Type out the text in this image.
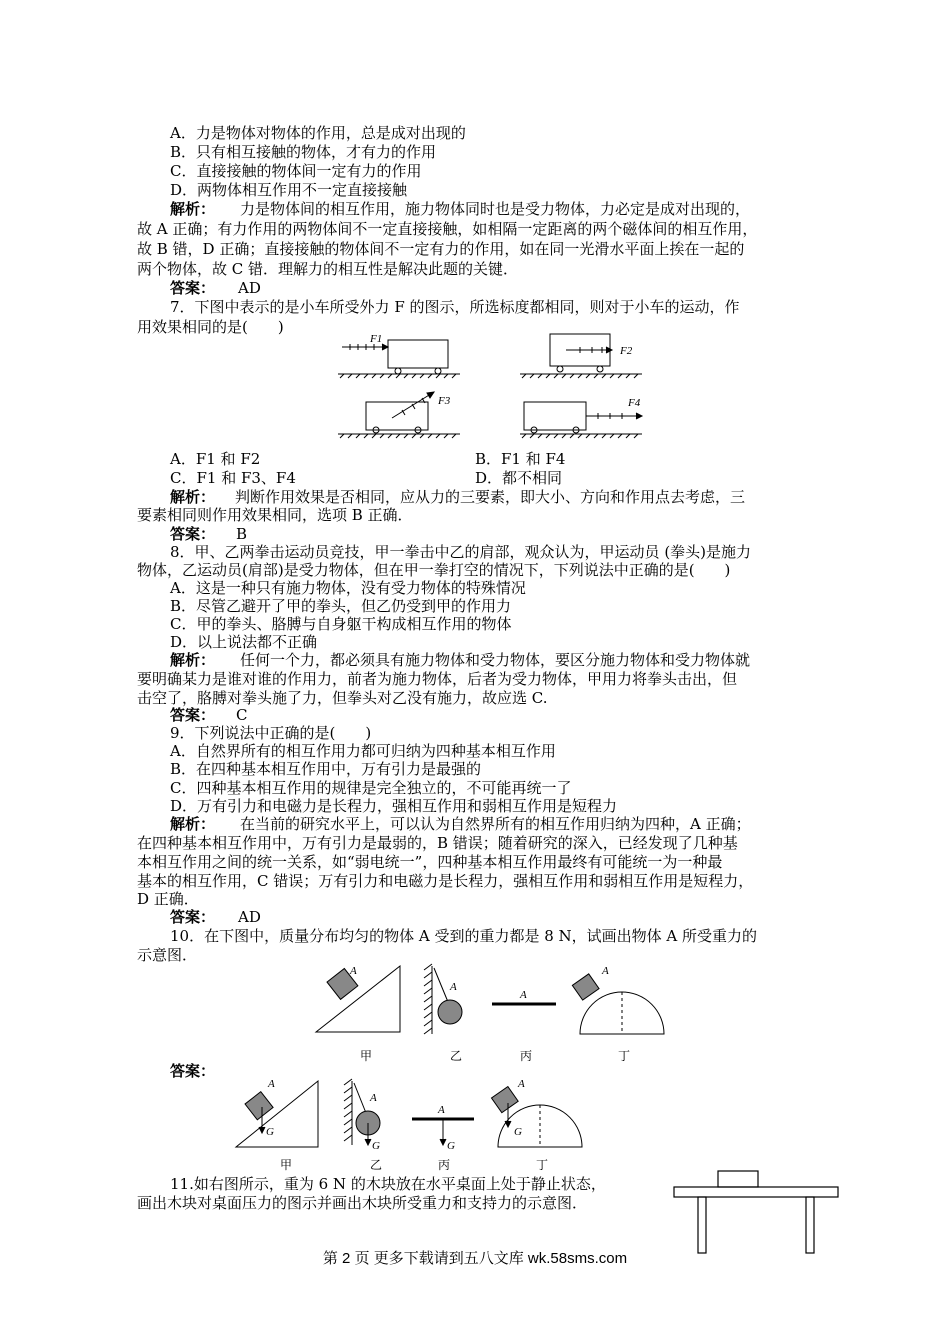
A．力是物体对物体的作用，总是成对出现的
B．只有相互接触的物体，才有力的作用
C．直接接触的物体间一定有力的作用
D．两物体相互作用不一定直接接触
解析： 力是物体间的相互作用，施力物体同时也是受力物体，力必定是成对出现的，
故 A 正确；有力作用的两物体间不一定直接接触，如相隔一定距离的两个磁体间的相互作用，
故 B 错，D 正确；直接接触的物体间不一定有力的作用，如在同一光滑水平面上挨在一起的
两个物体，故 C 错．理解力的相互性是解决此题的关键．
答案： AD
7．下图中表示的是小车所受外力 F 的图示，所选标度都相同，则对于小车的运动，作
用效果相同的是(　　)
F1
F2
F3	F4
A．F1 和 F2	B．F1 和 F4
C．F1 和 F3、F4	D．都不相同
解析： 判断作用效果是否相同，应从力的三要素，即大小、方向和作用点去考虑，三
要素相同则作用效果相同，选项 B 正确．
答案： B
8．甲、乙两拳击运动员竞技，甲一拳击中乙的肩部，观众认为，甲运动员 (拳头)是施力
物体，乙运动员(肩部)是受力物体，但在甲一拳打空的情况下，下列说法中正确的是(　　)
A．这是一种只有施力物体，没有受力物体的特殊情况
B．尽管乙避开了甲的拳头，但乙仍受到甲的作用力
C．甲的拳头、胳膊与自身躯干构成相互作用的物体
D．以上说法都不正确
解析： 任何一个力，都必须具有施力物体和受力物体，要区分施力物体和受力物体就
要明确某力是谁对谁的作用力，前者为施力物体，后者为受力物体，甲用力将拳头击出，但
击空了，胳膊对拳头施了力，但拳头对乙没有施力，故应选 C.
答案： C
9．下列说法中正确的是(　　)
A．自然界所有的相互作用力都可归纳为四种基本相互作用
B．在四种基本相互作用中，万有引力是最强的
C．四种基本相互作用的规律是完全独立的，不可能再统一了
D．万有引力和电磁力是长程力，强相互作用和弱相互作用是短程力
解析： 在当前的研究水平上，可以认为自然界所有的相互作用归纳为四种，A 正确；
在四种基本相互作用中，万有引力是最弱的，B 错误；随着研究的深入，已经发现了几种基
本相互作用之间的统一关系，如“弱电统一”，四种基本相互作用最终有可能统一为一种最
基本的相互作用，C 错误；万有引力和电磁力是长程力，强相互作用和弱相互作用是短程力，
D 正确．
答案： AD
10．在下图中，质量分布均匀的物体 A 受到的重力都是 8 N，试画出物体 A 所受重力的
示意图．
A
A
A
A
甲	乙	丙	丁
答案：
A
G
A
G
A
G
A
G
甲	乙	丙	丁
11.如右图所示，重为 6 N 的木块放在水平桌面上处于静止状态，
画出木块对桌面压力的图示并画出木块所受重力和支持力的示意图．
第 2 页 更多下载请到五八文库 wk.58sms.com
